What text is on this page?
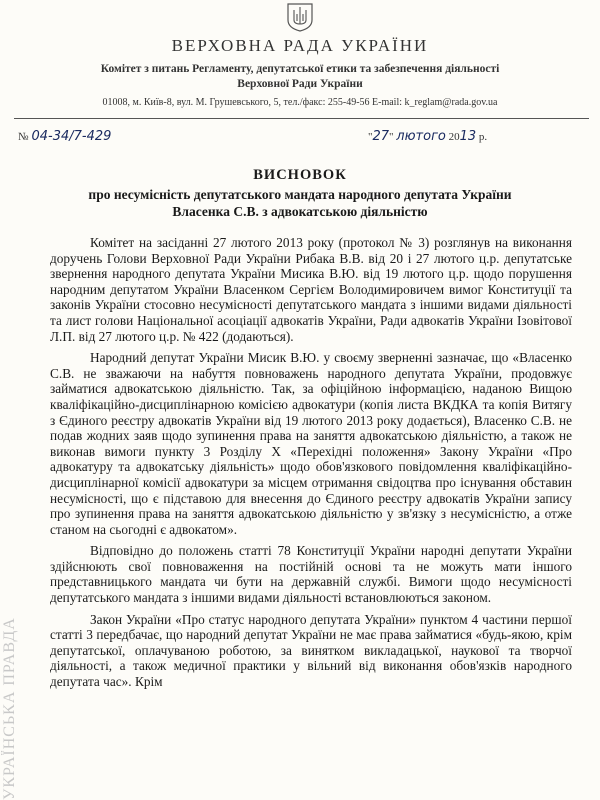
ВЕРХОВНА РАДА УКРАЇНИ
Комітет з питань Регламенту, депутатської етики та забезпечення діяльності
Верховної Ради України
01008, м. Київ-8, вул. М. Грушевського, 5, тел./факс: 255-49-56 E-mail: k_reglam@rada.gov.ua
№ 04-34/7-429	"27" лютого 2013 р.
ВИСНОВОК
про несумісність депутатського мандата народного депутата України
Власенка С.В. з адвокатською діяльністю

Комітет на засіданні 27 лютого 2013 року (протокол № 3) розглянув на виконання доручень Голови Верховної Ради України Рибака В.В. від 20 і 27 лютого ц.р. депутатське звернення народного депутата України Мисика В.Ю. від 19 лютого ц.р. щодо порушення народним депутатом України Власенком Сергієм Володимировичем вимог Конституції та законів України стосовно несумісності депутатського мандата з іншими видами діяльності та лист голови Національної асоціації адвокатів України, Ради адвокатів України Ізовітової Л.П. від 27 лютого ц.р. № 422 (додаються).

Народний депутат України Мисик В.Ю. у своєму зверненні зазначає, що «Власенко С.В. не зважаючи на набуття повноважень народного депутата України, продовжує займатися адвокатською діяльністю. Так, за офіційною інформацією, наданою Вищою кваліфікаційно-дисциплінарною комісією адвокатури (копія листа ВКДКА та копія Витягу з Єдиного реєстру адвокатів України від 19 лютого 2013 року додається), Власенко С.В. не подав жодних заяв щодо зупинення права на заняття адвокатською діяльністю, а також не виконав вимоги пункту 3 Розділу Х «Перехідні положення» Закону України «Про адвокатуру та адвокатську діяльність» щодо обов'язкового повідомлення кваліфікаційно-дисциплінарної комісії адвокатури за місцем отримання свідоцтва про існування обставин несумісності, що є підставою для внесення до Єдиного реєстру адвокатів України запису про зупинення права на заняття адвокатською діяльністю у зв'язку з несумісністю, а отже станом на сьогодні є адвокатом».

Відповідно до положень статті 78 Конституції України народні депутати України здійснюють свої повноваження на постійній основі та не можуть мати іншого представницького мандата чи бути на державній службі. Вимоги щодо несумісності депутатського мандата з іншими видами діяльності встановлюються законом.

Закон України «Про статус народного депутата України» пунктом 4 частини першої статті 3 передбачає, що народний депутат України не має права займатися «будь-якою, крім депутатської, оплачуваною роботою, за винятком викладацької, наукової та творчої діяльності, а також медичної практики у вільний від виконання обов'язків народного депутата час». Крім

УКРАЇНСЬКА ПРАВДА
